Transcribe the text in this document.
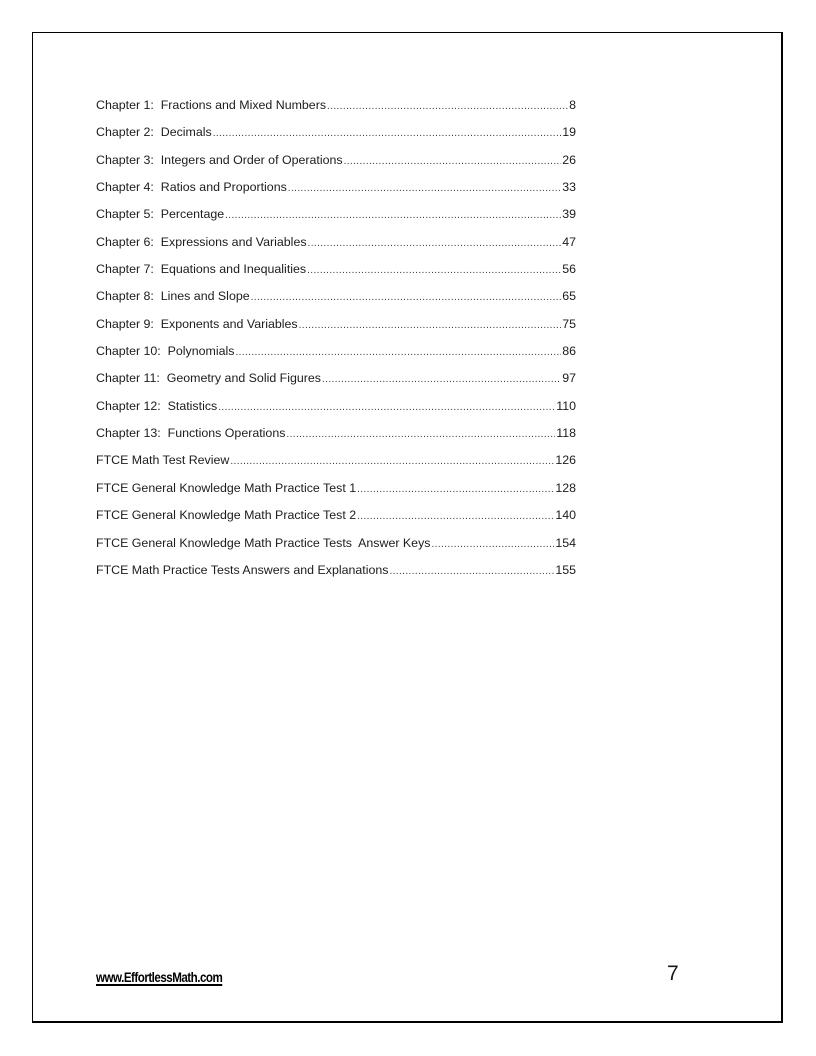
Chapter 1:  Fractions and Mixed Numbers .....	8
Chapter 2:  Decimals .....	19
Chapter 3:  Integers and Order of Operations .....	26
Chapter 4:  Ratios and Proportions .....	33
Chapter 5:  Percentage .....	39
Chapter 6:  Expressions and Variables .....	47
Chapter 7:  Equations and Inequalities .....	56
Chapter 8:  Lines and Slope .....	65
Chapter 9:  Exponents and Variables .....	75
Chapter 10:  Polynomials .....	86
Chapter 11:  Geometry and Solid Figures .....	97
Chapter 12:  Statistics .....	110
Chapter 13:  Functions Operations .....	118
FTCE Math Test Review .....	126
FTCE General Knowledge Math Practice Test 1 .....	128
FTCE General Knowledge Math Practice Test 2 .....	140
FTCE General Knowledge Math Practice Tests  Answer Keys .....	154
FTCE Math Practice Tests Answers and Explanations .....	155
www.EffortlessMath.com	7
